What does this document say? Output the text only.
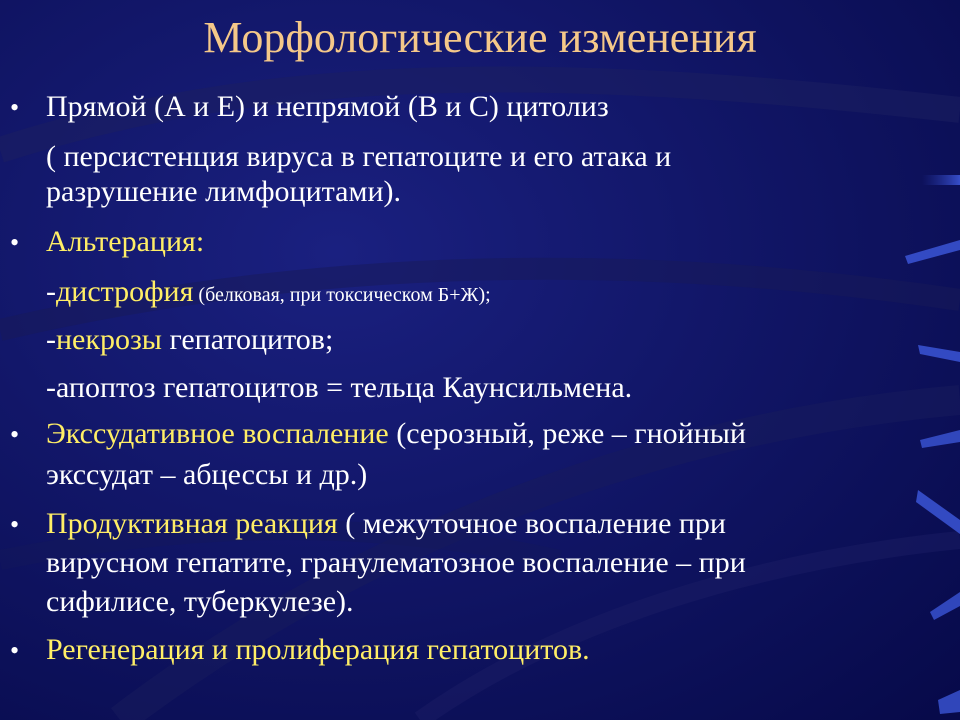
Морфологические изменения
• Прямой (А и Е) и непрямой (В и С) цитолиз
( персистенция вируса в гепатоците и его атака и
разрушение лимфоцитами).
• Альтерация:
-дистрофия (белковая, при токсическом Б+Ж);
-некрозы гепатоцитов;
-апоптоз гепатоцитов = тельца Каунсильмена.
• Экссудативное воспаление (серозный, реже – гнойный
экссудат – абцессы и др.)
• Продуктивная реакция ( межуточное воспаление при
вирусном гепатите, гранулематозное воспаление – при
сифилисе, туберкулезе).
• Регенерация и пролиферация гепатоцитов.
